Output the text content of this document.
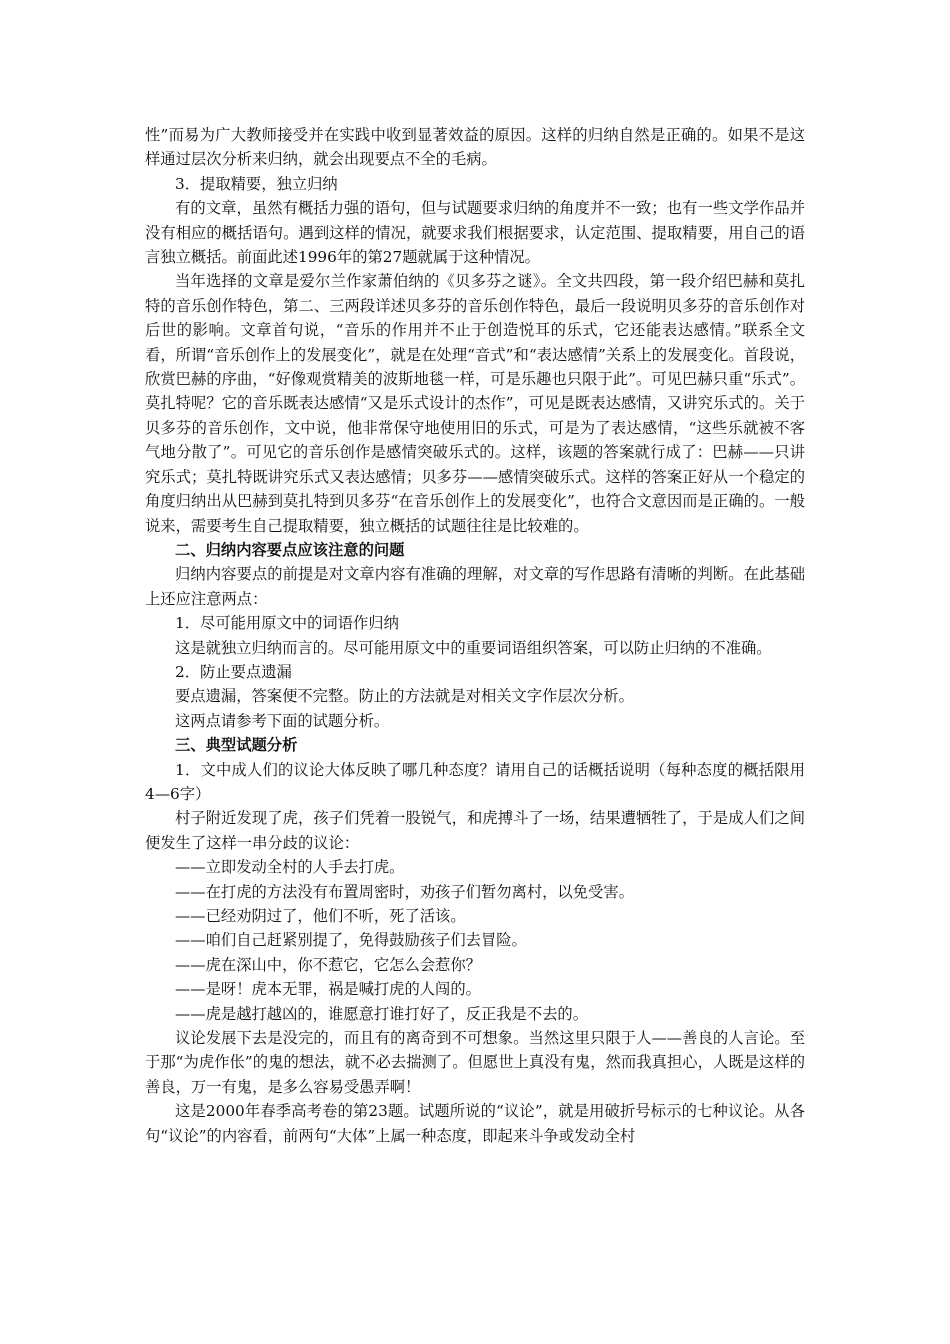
性”而易为广大教师接受并在实践中收到显著效益的原因。这样的归纳自然是正确的。如果不是这样通过层次分析来归纳，就会出现要点不全的毛病。

3．提取精要，独立归纳

有的文章，虽然有概括力强的语句，但与试题要求归纳的角度并不一致；也有一些文学作品并没有相应的概括语句。遇到这样的情况，就要求我们根据要求，认定范围、提取精要，用自己的语言独立概括。前面此述1996年的第27题就属于这种情况。

当年选择的文章是爱尔兰作家萧伯纳的《贝多芬之谜》。全文共四段，第一段介绍巴赫和莫扎特的音乐创作特色，第二、三两段详述贝多芬的音乐创作特色，最后一段说明贝多芬的音乐创作对后世的影响。文章首句说，“音乐的作用并不止于创造悦耳的乐式，它还能表达感情。”联系全文看，所谓“音乐创作上的发展变化”，就是在处理“音式”和“表达感情”关系上的发展变化。首段说，欣赏巴赫的序曲，“好像观赏精美的波斯地毯一样，可是乐趣也只限于此”。可见巴赫只重“乐式”。莫扎特呢？它的音乐既表达感情“又是乐式设计的杰作”，可见是既表达感情，又讲究乐式的。关于贝多芬的音乐创作，文中说，他非常保守地使用旧的乐式，可是为了表达感情，“这些乐就被不客气地分散了”。可见它的音乐创作是感情突破乐式的。这样，该题的答案就行成了：巴赫——只讲究乐式；莫扎特既讲究乐式又表达感情；贝多芬——感情突破乐式。这样的答案正好从一个稳定的角度归纳出从巴赫到莫扎特到贝多芬“在音乐创作上的发展变化”，也符合文意因而是正确的。一般说来，需要考生自己提取精要，独立概括的试题往往是比较难的。

二、归纳内容要点应该注意的问题

归纳内容要点的前提是对文章内容有准确的理解，对文章的写作思路有清晰的判断。在此基础上还应注意两点：

1．尽可能用原文中的词语作归纳

这是就独立归纳而言的。尽可能用原文中的重要词语组织答案，可以防止归纳的不准确。

2．防止要点遗漏

要点遗漏，答案便不完整。防止的方法就是对相关文字作层次分析。

这两点请参考下面的试题分析。

三、典型试题分析

1．文中成人们的议论大体反映了哪几种态度？请用自己的话概括说明（每种态度的概括限用4—6字）

村子附近发现了虎，孩子们凭着一股锐气，和虎搏斗了一场，结果遭牺牲了，于是成人们之间便发生了这样一串分歧的议论：

——立即发动全村的人手去打虎。

——在打虎的方法没有布置周密时，劝孩子们暂勿离村，以免受害。

——已经劝阴过了，他们不听，死了活该。

——咱们自己赶紧别提了，免得鼓励孩子们去冒险。

——虎在深山中，你不惹它，它怎么会惹你？

——是呀！虎本无罪，祸是喊打虎的人闯的。

——虎是越打越凶的，谁愿意打谁打好了，反正我是不去的。

议论发展下去是没完的，而且有的离奇到不可想象。当然这里只限于人——善良的人言论。至于那“为虎作伥”的鬼的想法，就不必去揣测了。但愿世上真没有鬼，然而我真担心，人既是这样的善良，万一有鬼，是多么容易受愚弄啊！

这是2000年春季高考卷的第23题。试题所说的“议论”，就是用破折号标示的七种议论。从各句“议论”的内容看，前两句“大体”上属一种态度，即起来斗争或发动全村
